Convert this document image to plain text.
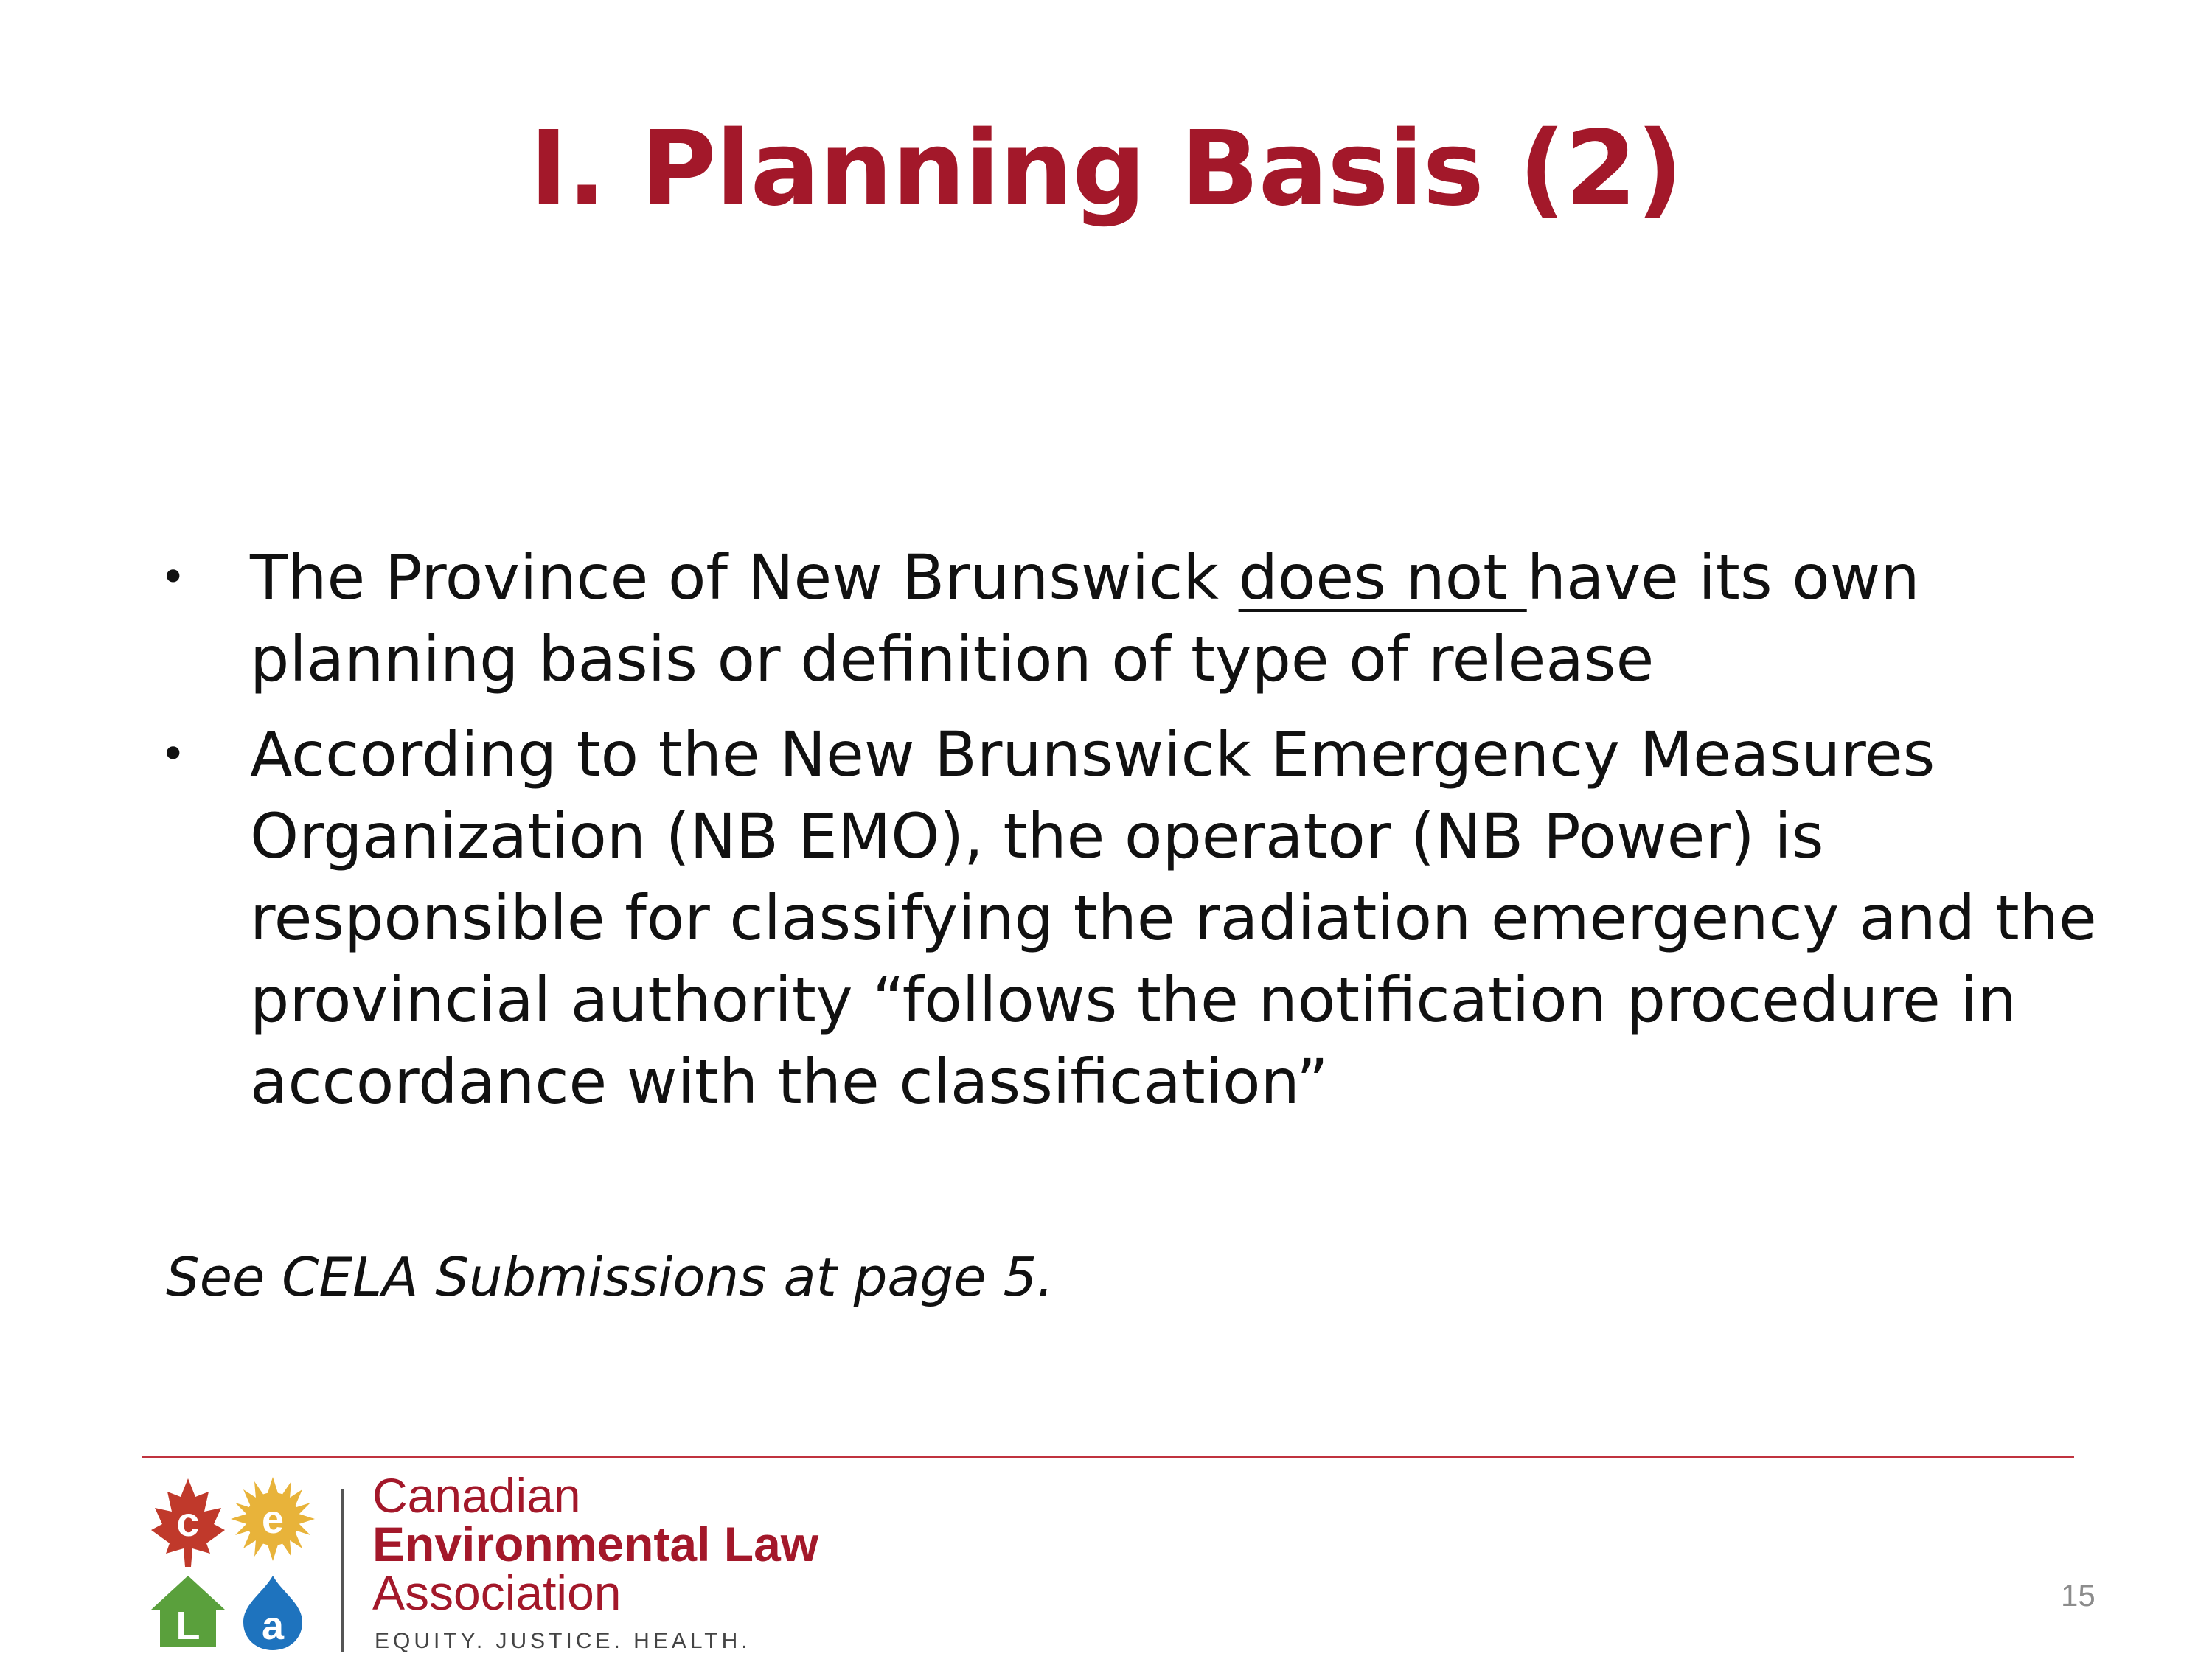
I. Planning Basis (2)
• The Province of New Brunswick does not have its own planning basis or definition of type of release
• According to the New Brunswick Emergency Measures Organization (NB EMO), the operator (NB Power) is responsible for classifying the radiation emergency and the provincial authority “follows the notification procedure in accordance with the classification”

See CELA Submissions at page 5.

c e
L a

Canadian
Environmental Law
Association

EQUITY. JUSTICE. HEALTH.

15
